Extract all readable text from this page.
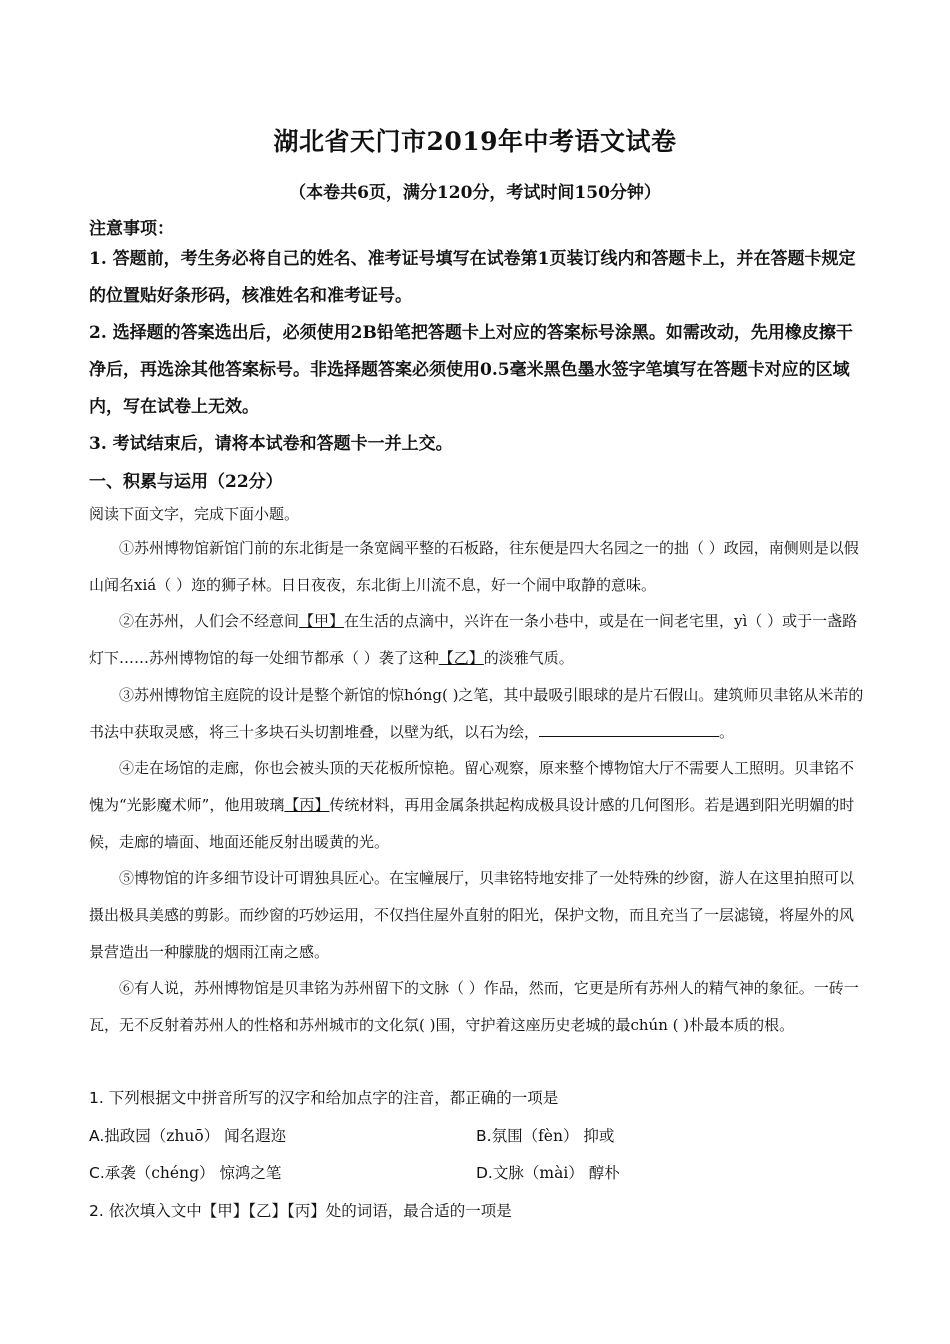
湖北省天门市2019年中考语文试卷
（本卷共6页，满分120分，考试时间150分钟）
注意事项：
1. 答题前，考生务必将自己的姓名、准考证号填写在试卷第1页装订线内和答题卡上，并在答题卡规定的位置贴好条形码，核准姓名和准考证号。
2. 选择题的答案选出后，必须使用2B铅笔把答题卡上对应的答案标号涂黑。如需改动，先用橡皮擦干净后，再选涂其他答案标号。非选择题答案必须使用0.5毫米黑色墨水签字笔填写在答题卡对应的区域内，写在试卷上无效。
3. 考试结束后，请将本试卷和答题卡一并上交。
一、积累与运用（22分）
阅读下面文字，完成下面小题。
①苏州博物馆新馆门前的东北街是一条宽阔平整的石板路，往东便是四大名园之一的拙（ ）政园，南侧则是以假山闻名xiá（ ）迩的狮子林。日日夜夜，东北街上川流不息，好一个闹中取静的意味。
②在苏州，人们会不经意间【甲】在生活的点滴中，兴许在一条小巷中，或是在一间老宅里，yì（ ）或于一盏路灯下……苏州博物馆的每一处细节都承（ ）袭了这种【乙】的淡雅气质。
③苏州博物馆主庭院的设计是整个新馆的惊hóng( )之笔，其中最吸引眼球的是片石假山。建筑师贝聿铭从米芾的书法中获取灵感，将三十多块石头切割堆叠，以壁为纸，以石为绘，	。
④走在场馆的走廊，你也会被头顶的天花板所惊艳。留心观察，原来整个博物馆大厅不需要人工照明。贝聿铭不愧为“光影魔术师”，他用玻璃【丙】传统材料，再用金属条拱起构成极具设计感的几何图形。若是遇到阳光明媚的时候，走廊的墙面、地面还能反射出暖黄的光。
⑤博物馆的许多细节设计可谓独具匠心。在宝幢展厅，贝聿铭特地安排了一处特殊的纱窗，游人在这里拍照可以摄出极具美感的剪影。而纱窗的巧妙运用，不仅挡住屋外直射的阳光，保护文物，而且充当了一层滤镜，将屋外的风景营造出一种朦胧的烟雨江南之感。
⑥有人说，苏州博物馆是贝聿铭为苏州留下的文脉（ ）作品，然而，它更是所有苏州人的精气神的象征。一砖一瓦，无不反射着苏州人的性格和苏州城市的文化氛( )围，守护着这座历史老城的最chún ( )朴最本质的根。
1. 下列根据文中拼音所写的汉字和给加点字的注音，都正确的一项是
A.拙政园（zhuō） 闻名遐迩	B.氛围（fèn） 抑或
C.承袭（chéng） 惊鸿之笔	D.文脉（mài） 醇朴
2. 依次填入文中【甲】【乙】【丙】处的词语，最合适的一项是
